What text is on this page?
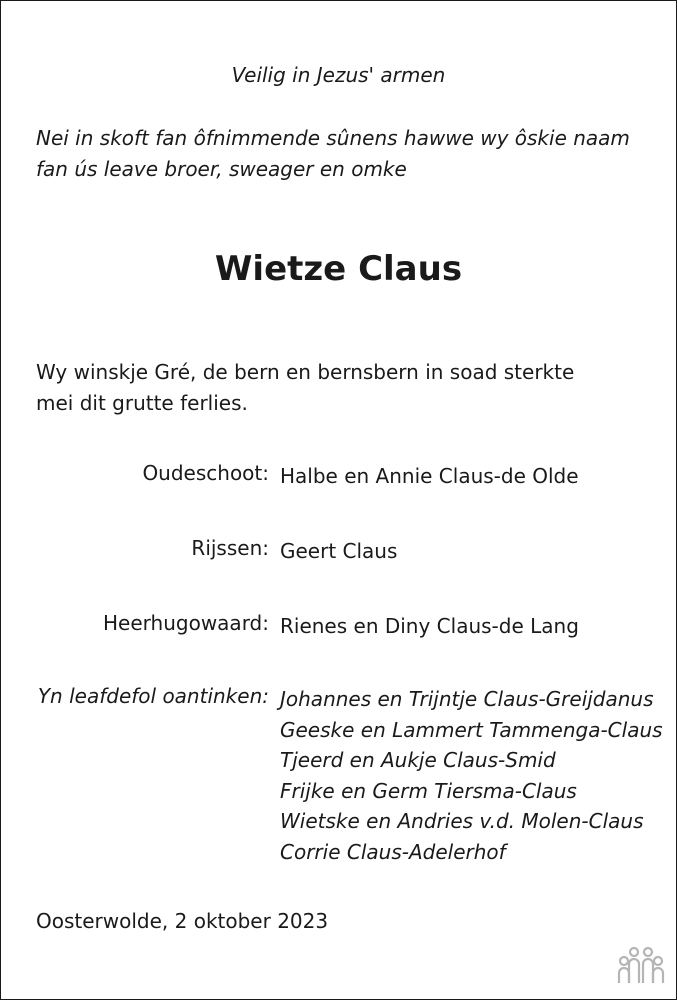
Veilig in Jezus' armen
Nei in skoft fan ôfnimmende sûnens hawwe wy ôskie naam
fan ús leave broer, sweager en omke
Wietze Claus
Wy winskje Gré, de bern en bernsbern in soad sterkte
mei dit grutte ferlies.
Oudeschoot: Halbe en Annie Claus-de Olde
Rijssen: Geert Claus
Heerhugowaard: Rienes en Diny Claus-de Lang
Yn leafdefol oantinken: Johannes en Trijntje Claus-Greijdanus
Geeske en Lammert Tammenga-Claus
Tjeerd en Aukje Claus-Smid
Frijke en Germ Tiersma-Claus
Wietske en Andries v.d. Molen-Claus
Corrie Claus-Adelerhof
Oosterwolde, 2 oktober 2023
